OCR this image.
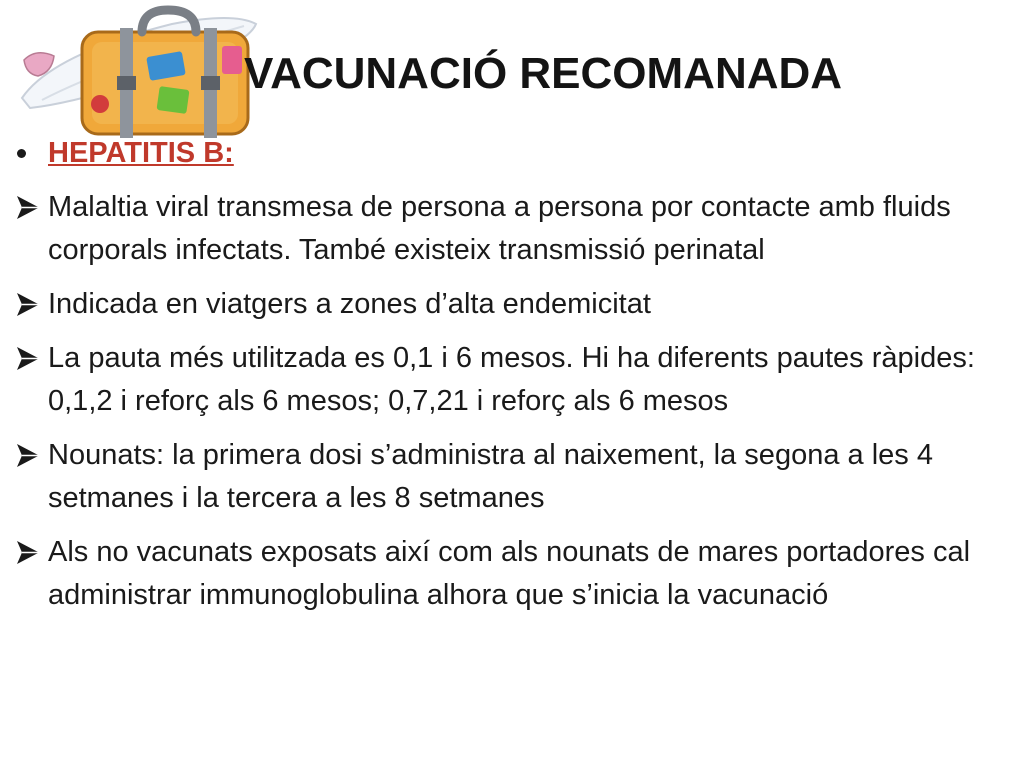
VACUNACIÓ RECOMANADA
HEPATITIS B:
Malaltia viral transmesa de persona a persona por contacte amb fluids corporals infectats. També existeix transmissió perinatal
Indicada en viatgers a zones d’alta endemicitat
La pauta més utilitzada es 0,1 i 6 mesos. Hi ha diferents pautes ràpides: 0,1,2 i reforç als 6 mesos; 0,7,21 i reforç als 6 mesos
Nounats: la primera dosi s’administra al naixement, la segona a les 4 setmanes i la tercera a les 8 setmanes
Als no vacunats exposats així com als nounats de mares portadores cal administrar immunoglobulina alhora que s’inicia la vacunació
